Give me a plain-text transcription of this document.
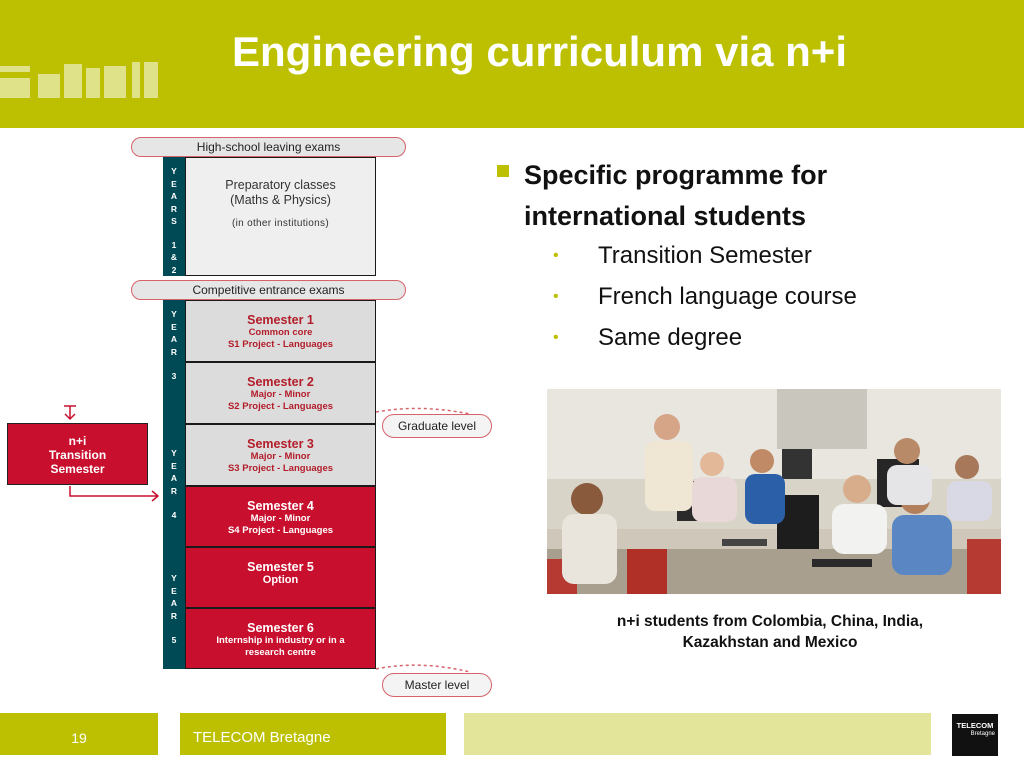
Engineering curriculum via n+i
High-school leaving exams
Y
E
A
R
S
1
&
2
Preparatory classes
(Maths & Physics)
(in other institutions)
Competitive entrance exams
Y
E
A
R
3
Y
E
A
R
4
Y
E
A
R
5
Semester 1
Common core
S1 Project - Languages
Semester 2
Major - Minor
S2 Project - Languages
Semester 3
Major - Minor
S3 Project - Languages
Semester 4
Major - Minor
S4 Project - Languages
Semester 5
Option
Semester 6
Internship in industry or in a
research centre
Graduate level
Master level
n+i
Transition
Semester
Specific programme for international students
• Transition Semester
• French language course
• Same degree
n+i students from Colombia, China, India,
Kazakhstan and Mexico
19	TELECOM Bretagne
TELECOM
Bretagne
